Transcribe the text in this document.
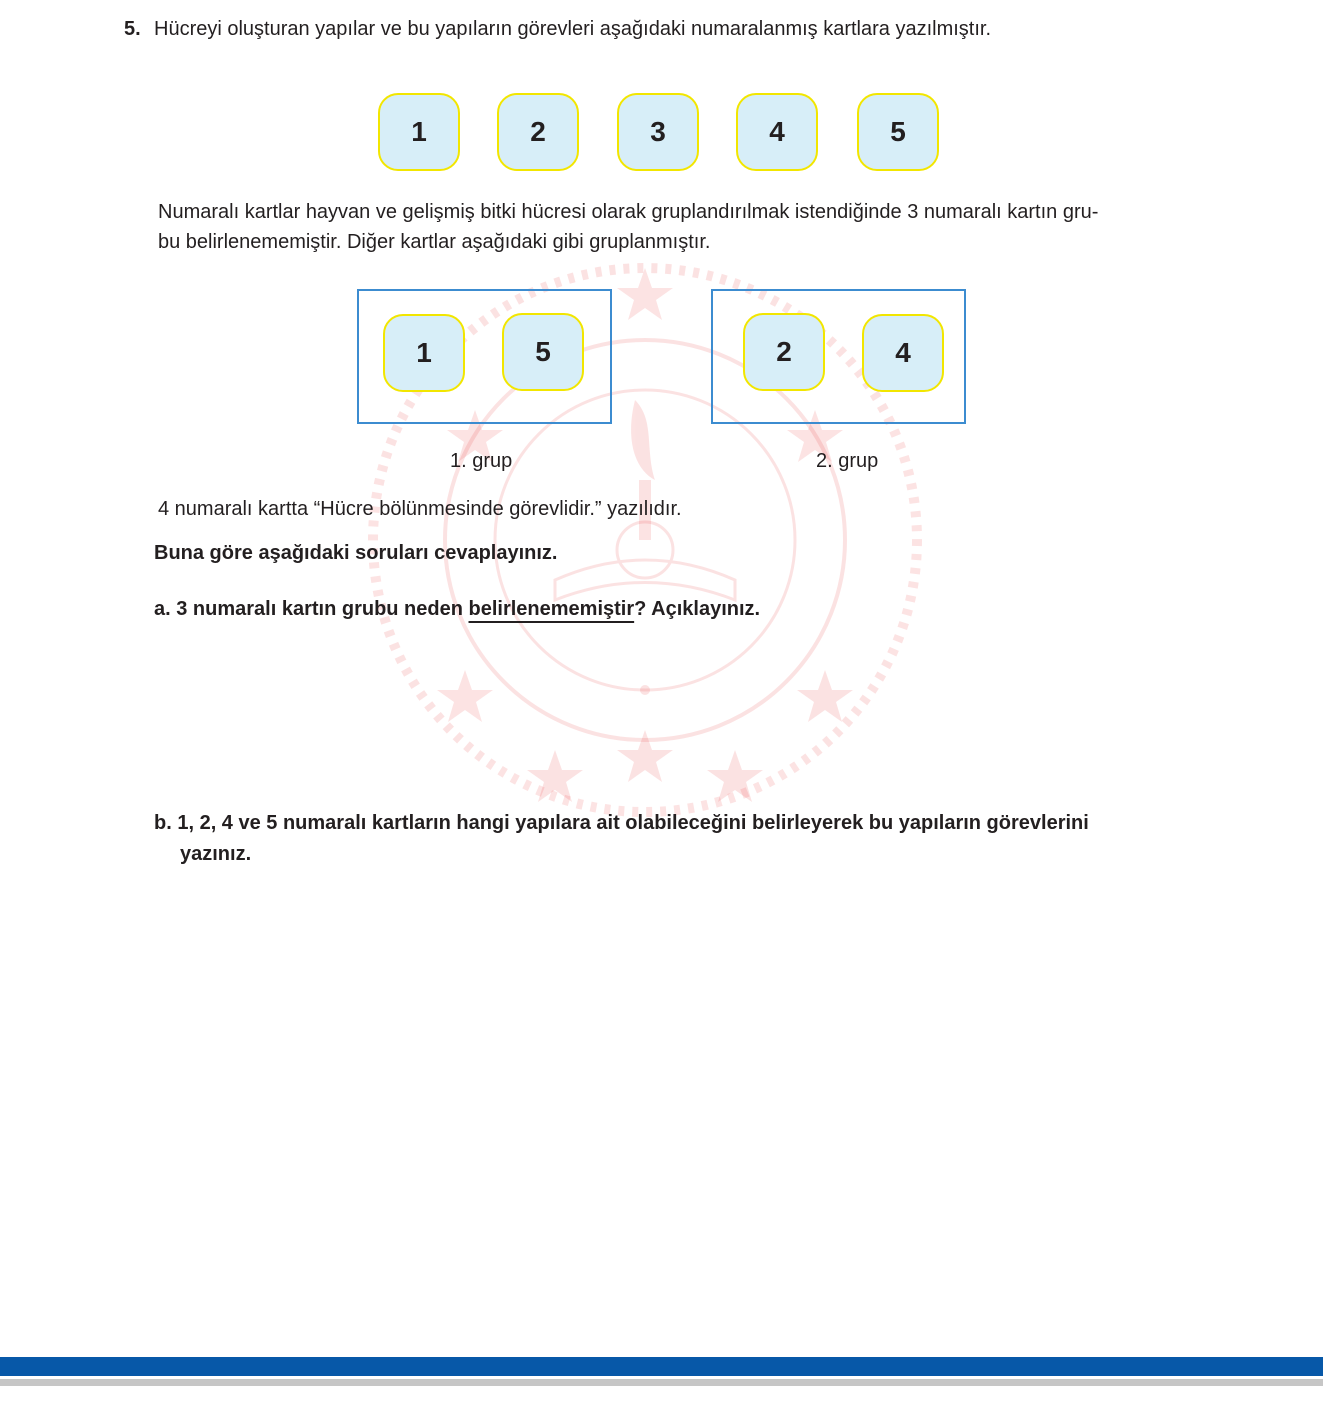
5. Hücreyi oluşturan yapılar ve bu yapıların görevleri aşağıdaki numaralanmış kartlara yazılmıştır.
1	2	3	4	5
Numaralı kartlar hayvan ve gelişmiş bitki hücresi olarak gruplandırılmak istendiğinde 3 numaralı kartın gru-
bu belirlenememiştir. Diğer kartlar aşağıdaki gibi gruplanmıştır.
1	5
1. grup
2	4
2. grup
4 numaralı kartta “Hücre bölünmesinde görevlidir.” yazılıdır.
Buna göre aşağıdaki soruları cevaplayınız.
a. 3 numaralı kartın grubu neden belirlenememiştir? Açıklayınız.
b. 1, 2, 4 ve 5 numaralı kartların hangi yapılara ait olabileceğini belirleyerek bu yapıların görevlerini
yazınız.
